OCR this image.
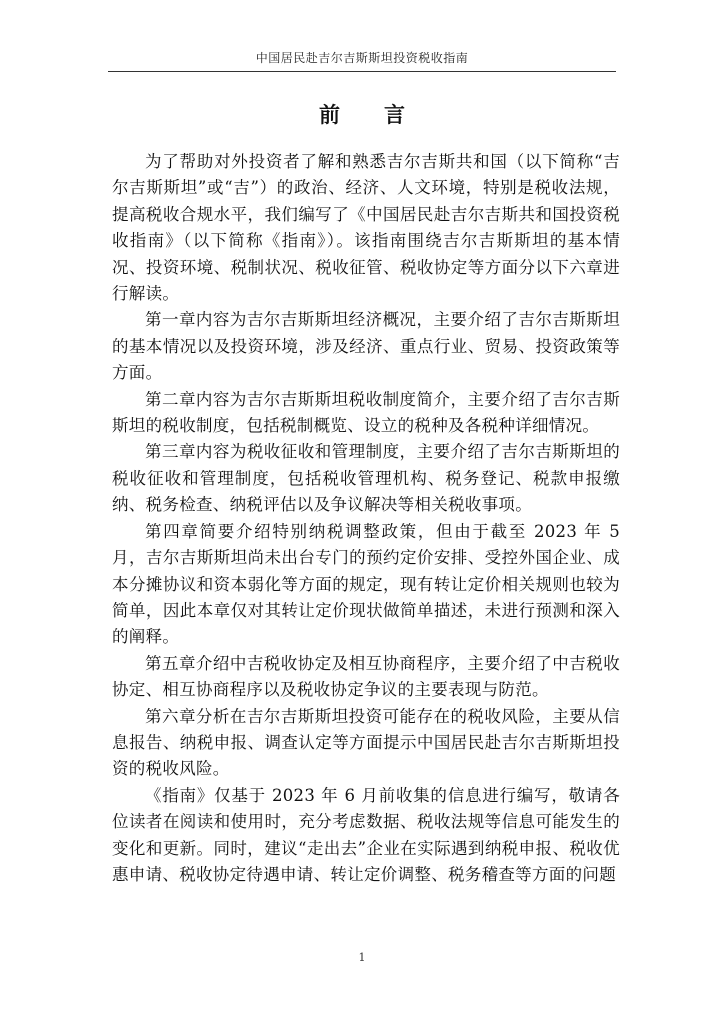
中国居民赴吉尔吉斯斯坦投资税收指南
前言

为了帮助对外投资者了解和熟悉吉尔吉斯共和国（以下简称“吉尔吉斯斯坦”或“吉”）的政治、经济、人文环境，特别是税收法规，提高税收合规水平，我们编写了《中国居民赴吉尔吉斯共和国投资税收指南》（以下简称《指南》）。该指南围绕吉尔吉斯斯坦的基本情况、投资环境、税制状况、税收征管、税收协定等方面分以下六章进行解读。

第一章内容为吉尔吉斯斯坦经济概况，主要介绍了吉尔吉斯斯坦的基本情况以及投资环境，涉及经济、重点行业、贸易、投资政策等方面。

第二章内容为吉尔吉斯斯坦税收制度简介，主要介绍了吉尔吉斯斯坦的税收制度，包括税制概览、设立的税种及各税种详细情况。

第三章内容为税收征收和管理制度，主要介绍了吉尔吉斯斯坦的税收征收和管理制度，包括税收管理机构、税务登记、税款申报缴纳、税务检查、纳税评估以及争议解决等相关税收事项。

第四章简要介绍特别纳税调整政策，但由于截至 2023 年 5 月，吉尔吉斯斯坦尚未出台专门的预约定价安排、受控外国企业、成本分摊协议和资本弱化等方面的规定，现有转让定价相关规则也较为简单，因此本章仅对其转让定价现状做简单描述，未进行预测和深入的阐释。

第五章介绍中吉税收协定及相互协商程序，主要介绍了中吉税收协定、相互协商程序以及税收协定争议的主要表现与防范。

第六章分析在吉尔吉斯斯坦投资可能存在的税收风险，主要从信息报告、纳税申报、调查认定等方面提示中国居民赴吉尔吉斯斯坦投资的税收风险。

《指南》仅基于 2023 年 6 月前收集的信息进行编写，敬请各位读者在阅读和使用时，充分考虑数据、税收法规等信息可能发生的变化和更新。同时，建议“走出去”企业在实际遇到纳税申报、税收优惠申请、税收协定待遇申请、转让定价调整、税务稽查等方面的问题

1
